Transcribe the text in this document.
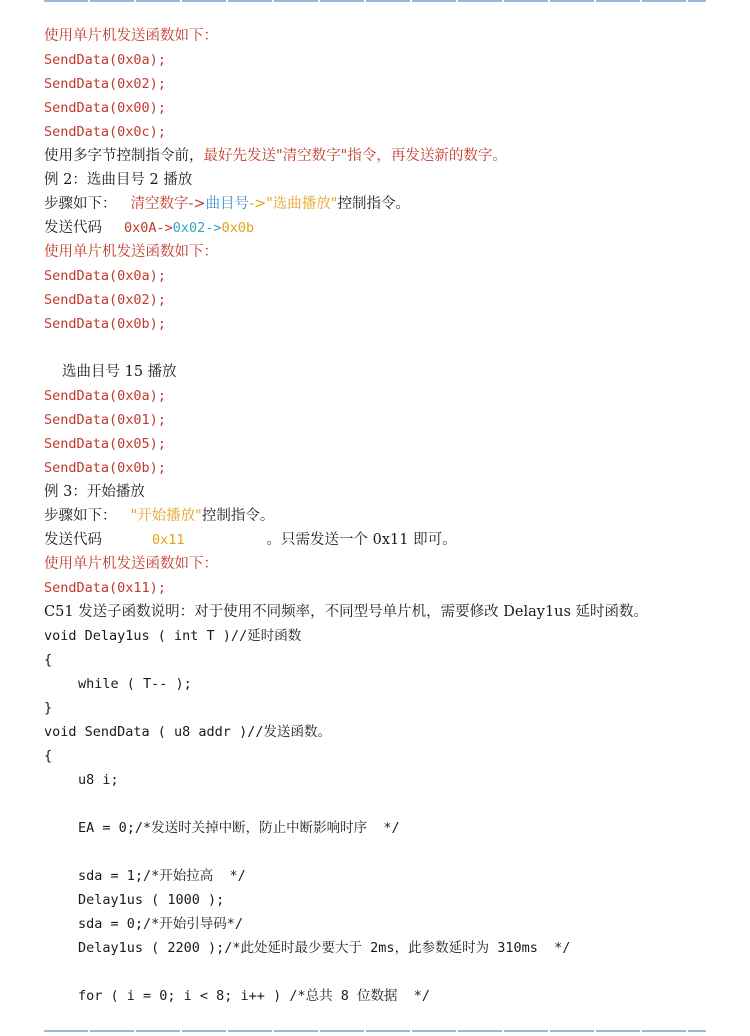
使用单片机发送函数如下：
SendData(0x0a);
SendData(0x02);
SendData(0x00);
SendData(0x0c);
使用多字节控制指令前，最好先发送"清空数字"指令，再发送新的数字。
例 2：选曲目号 2 播放
步骤如下： 清空数字->曲目号->"选曲播放"控制指令。
发送代码 0x0A->0x02->0x0b
使用单片机发送函数如下：
SendData(0x0a);
SendData(0x02);
SendData(0x0b);
选曲目号 15 播放
SendData(0x0a);
SendData(0x01);
SendData(0x05);
SendData(0x0b);
例 3：开始播放
步骤如下： "开始播放"控制指令。
发送代码	0x11	。只需发送一个 0x11 即可。
使用单片机发送函数如下：
SendData(0x11);
C51 发送子函数说明：对于使用不同频率，不同型号单片机，需要修改 Delay1us 延时函数。
void Delay1us ( int T )//延时函数
{
while ( T-- );
}
void SendData ( u8 addr )//发送函数。
{
u8 i;
EA = 0;/*发送时关掉中断，防止中断影响时序  */
sda = 1;/*开始拉高  */
Delay1us ( 1000 );
sda = 0;/*开始引导码*/
Delay1us ( 2200 );/*此处延时最少要大于 2ms，此参数延时为 310ms  */
for ( i = 0; i < 8; i++ ) /*总共 8 位数据  */
